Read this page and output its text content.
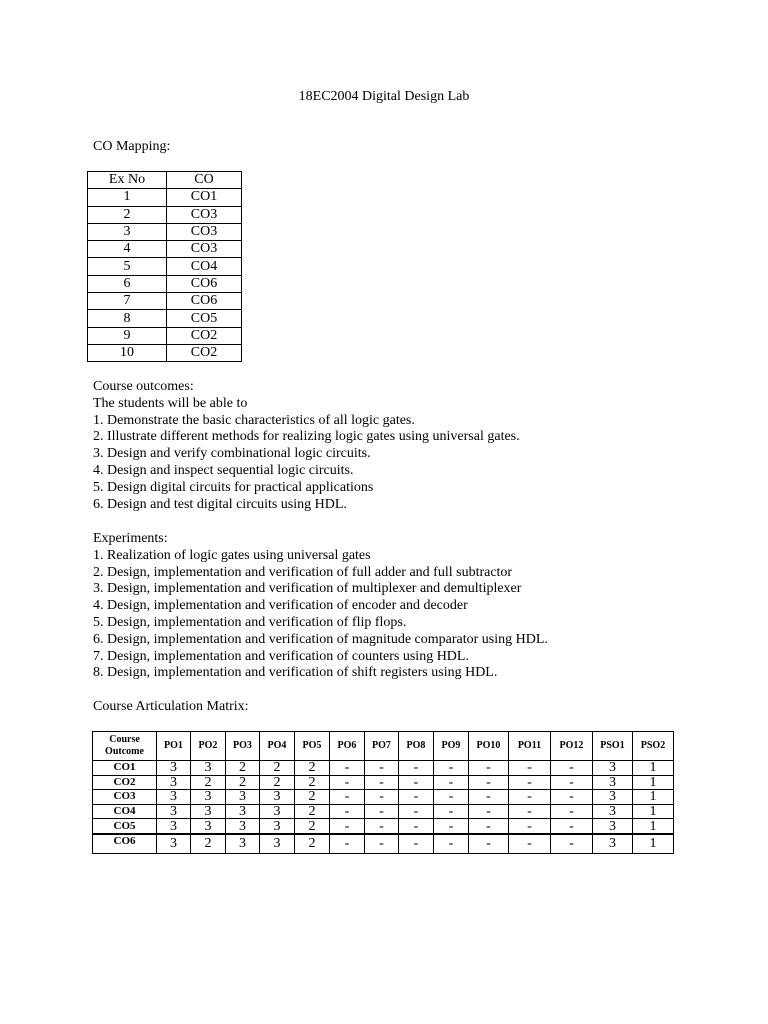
18EC2004 Digital Design Lab
CO Mapping:
Ex No	CO
1	CO1
2	CO3
3	CO3
4	CO3
5	CO4
6	CO6
7	CO6
8	CO5
9	CO2
10	CO2
Course outcomes:
The students will be able to
1. Demonstrate the basic characteristics of all logic gates.
2. Illustrate different methods for realizing logic gates using universal gates.
3. Design and verify combinational logic circuits.
4. Design and inspect sequential logic circuits.
5. Design digital circuits for practical applications
6. Design and test digital circuits using HDL.
Experiments:
1. Realization of logic gates using universal gates
2. Design, implementation and verification of full adder and full subtractor
3. Design, implementation and verification of multiplexer and demultiplexer
4. Design, implementation and verification of encoder and decoder
5. Design, implementation and verification of flip flops.
6. Design, implementation and verification of magnitude comparator using HDL.
7. Design, implementation and verification of counters using HDL.
8. Design, implementation and verification of shift registers using HDL.
Course Articulation Matrix:
Course
Outcome	PO1	PO2	PO3	PO4	PO5	PO6	PO7	PO8	PO9	PO10	PO11	PO12	PSO1	PSO2
CO1	3	3	2	2	2	-	-	-	-	-	-	-	3	1
CO2	3	2	2	2	2	-	-	-	-	-	-	-	3	1
CO3	3	3	3	3	2	-	-	-	-	-	-	-	3	1
CO4	3	3	3	3	2	-	-	-	-	-	-	-	3	1
CO5	3	3	3	3	2	-	-	-	-	-	-	-	3	1
CO6	3	2	3	3	2	-	-	-	-	-	-	-	3	1
